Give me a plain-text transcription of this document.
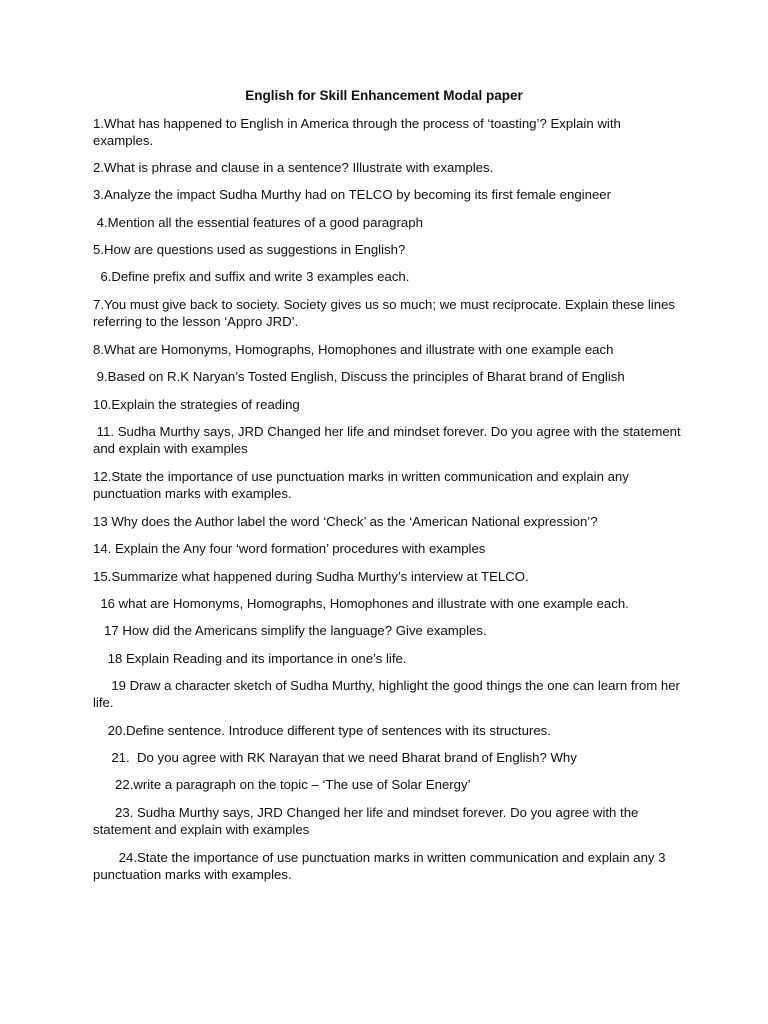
English for Skill Enhancement Modal paper

1.What has happened to English in America through the process of ‘toasting’? Explain with examples.

2.What is phrase and clause in a sentence? Illustrate with examples.

3.Analyze the impact Sudha Murthy had on TELCO by becoming its first female engineer

4.Mention all the essential features of a good paragraph

5.How are questions used as suggestions in English?

6.Define prefix and suffix and write 3 examples each.

7.You must give back to society. Society gives us so much; we must reciprocate. Explain these lines referring to the lesson ‘Appro JRD’.

8.What are Homonyms, Homographs, Homophones and illustrate with one example each

9.Based on R.K Naryan’s Tosted English, Discuss the principles of Bharat brand of English

10.Explain the strategies of reading

11. Sudha Murthy says, JRD Changed her life and mindset forever. Do you agree with the statement and explain with examples

12.State the importance of use punctuation marks in written communication and explain any punctuation marks with examples.

13 Why does the Author label the word ‘Check’ as the ‘American National expression’?

14. Explain the Any four ‘word formation’ procedures with examples

15.Summarize what happened during Sudha Murthy’s interview at TELCO.

16 what are Homonyms, Homographs, Homophones and illustrate with one example each.

17 How did the Americans simplify the language? Give examples.

18 Explain Reading and its importance in one’s life.

19 Draw a character sketch of Sudha Murthy, highlight the good things the one can learn from her life.

20.Define sentence. Introduce different type of sentences with its structures.

21.  Do you agree with RK Narayan that we need Bharat brand of English? Why

22.write a paragraph on the topic – ‘The use of Solar Energy’

23. Sudha Murthy says, JRD Changed her life and mindset forever. Do you agree with the statement and explain with examples

24.State the importance of use punctuation marks in written communication and explain any 3 punctuation marks with examples.
